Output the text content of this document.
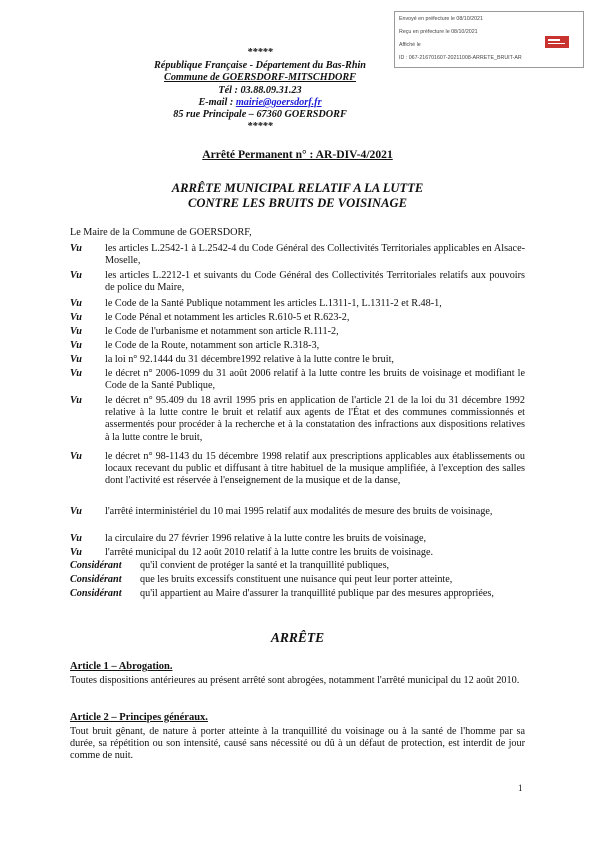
Envoyé en préfecture le 08/10/2021
Reçu en préfecture le 08/10/2021
Affiché le
ID : 067-216701607-20211008-ARRETE_BRUIT-AR
*****
République Française - Département du Bas-Rhin
Commune de GOERSDORF-MITSCHDORF
Tél : 03.88.09.31.23
E-mail : mairie@goersdorf.fr
85 rue Principale – 67360 GOERSDORF
*****
Arrêté Permanent n° : AR-DIV-4/2021
ARRÊTE MUNICIPAL RELATIF A LA LUTTE
CONTRE LES BRUITS DE VOISINAGE
Le Maire de la Commune de GOERSDORF,
Vu les articles L.2542-1 à L.2542-4 du Code Général des Collectivités Territoriales applicables en Alsace-Moselle,
Vu les articles L.2212-1 et suivants du Code Général des Collectivités Territoriales relatifs aux pouvoirs de police du Maire,
Vu le Code de la Santé Publique notamment les articles L.1311-1, L.1311-2 et R.48-1,
Vu le Code Pénal et notamment les articles R.610-5 et R.623-2,
Vu le Code de l'urbanisme et notamment son article R.111-2,
Vu le Code de la Route, notamment son article R.318-3,
Vu la loi n° 92.1444 du 31 décembre1992 relative à la lutte contre le bruit,
Vu le décret n° 2006-1099 du 31 août 2006 relatif à la lutte contre les bruits de voisinage et modifiant le Code de la Santé Publique,
Vu le décret n° 95.409 du 18 avril 1995 pris en application de l'article 21 de la loi du 31 décembre 1992 relative à la lutte contre le bruit et relatif aux agents de l'État et des communes commissionnés et assermentés pour procéder à la recherche et à la constatation des infractions aux dispositions relatives à la lutte contre le bruit,
Vu le décret n° 98-1143 du 15 décembre 1998 relatif aux prescriptions applicables aux établissements ou locaux recevant du public et diffusant à titre habituel de la musique amplifiée, à l'exception des salles dont l'activité est réservée à l'enseignement de la musique et de la danse,
Vu l'arrêté interministériel du 10 mai 1995 relatif aux modalités de mesure des bruits de voisinage,
Vu la circulaire du 27 février 1996 relative à la lutte contre les bruits de voisinage,
Vu l'arrêté municipal du 12 août 2010 relatif à la lutte contre les bruits de voisinage.
Considérant qu'il convient de protéger la santé et la tranquillité publiques,
Considérant que les bruits excessifs constituent une nuisance qui peut leur porter atteinte,
Considérant qu'il appartient au Maire d'assurer la tranquillité publique par des mesures appropriées,
ARRÊTE
Article 1 – Abrogation.
Toutes dispositions antérieures au présent arrêté sont abrogées, notamment l'arrêté municipal du 12 août 2010.
Article 2 – Principes généraux.
Tout bruit gênant, de nature à porter atteinte à la tranquillité du voisinage ou à la santé de l'homme par sa durée, sa répétition ou son intensité, causé sans nécessité ou dû à un défaut de protection, est interdit de jour comme de nuit.
1
